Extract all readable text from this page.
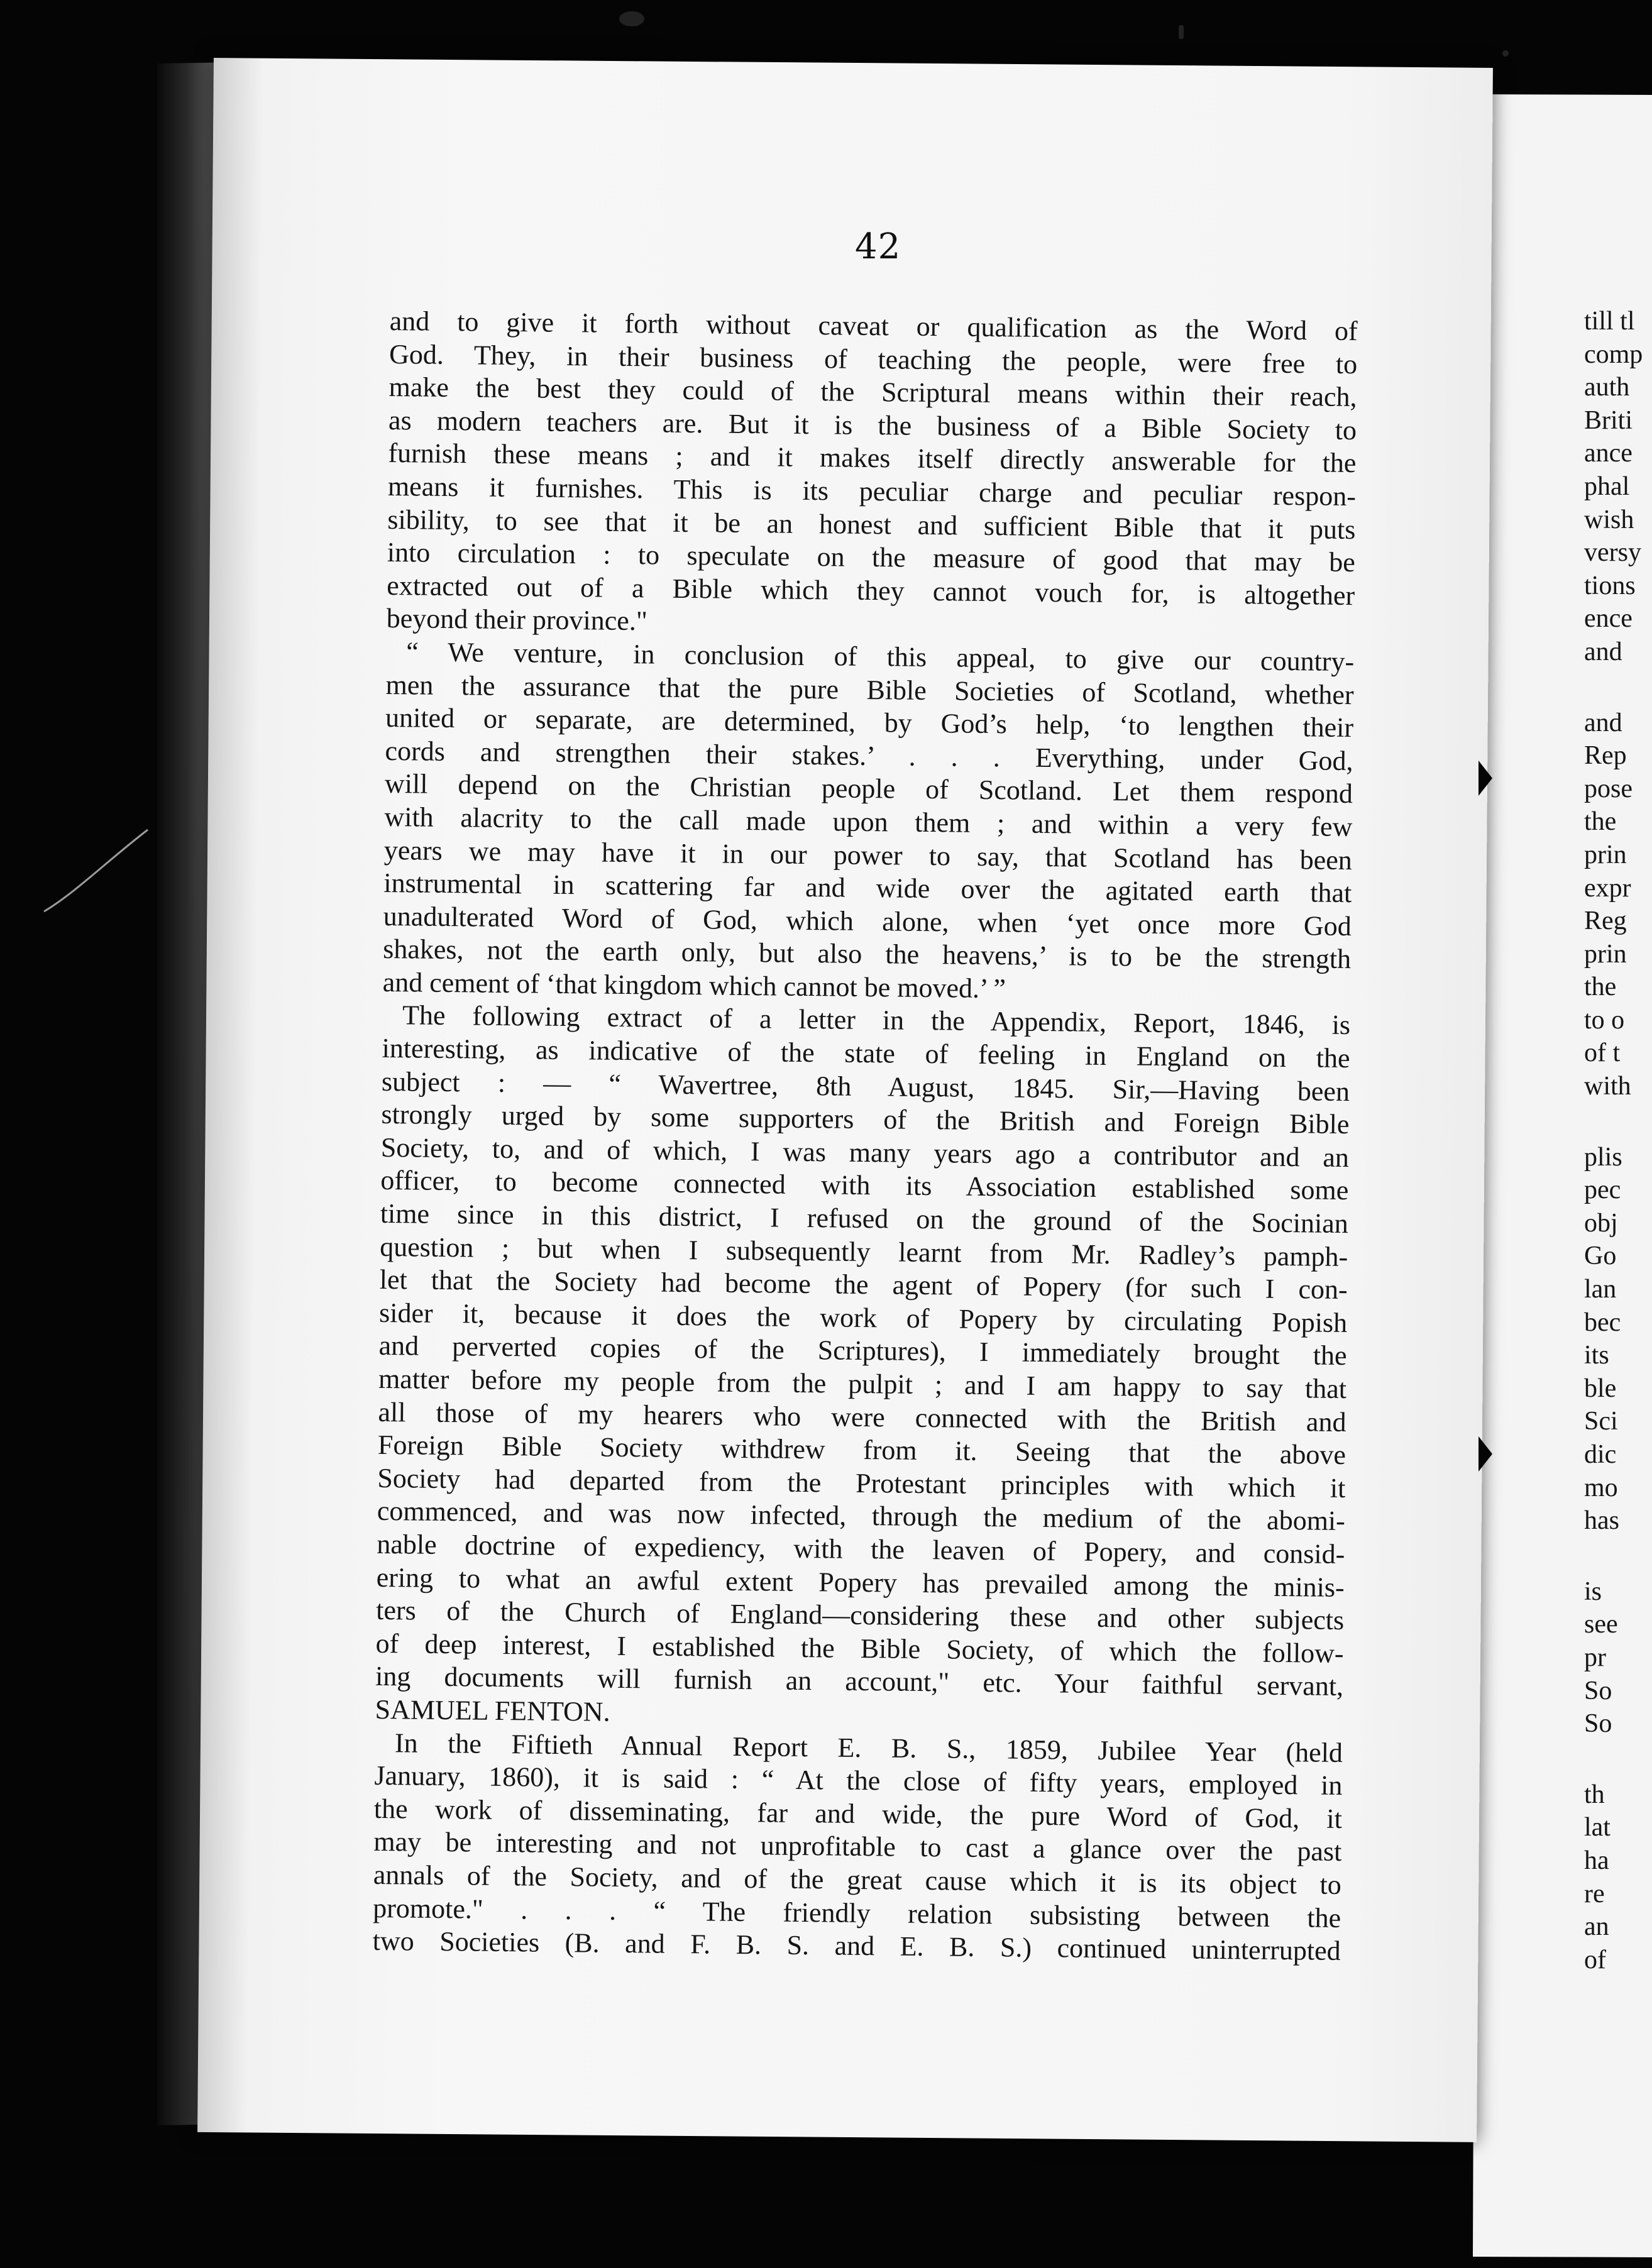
42
and to give it forth without caveat or qualification as the Word of
God. They, in their business of teaching the people, were free to
make the best they could of the Scriptural means within their reach,
as modern teachers are. But it is the business of a Bible Society to
furnish these means ; and it makes itself directly answerable for the
means it furnishes. This is its peculiar charge and peculiar respon-
sibility, to see that it be an honest and sufficient Bible that it puts
into circulation : to speculate on the measure of good that may be
extracted out of a Bible which they cannot vouch for, is altogether
beyond their province."
“ We venture, in conclusion of this appeal, to give our country-
men the assurance that the pure Bible Societies of Scotland, whether
united or separate, are determined, by God’s help, ‘to lengthen their
cords and strengthen their stakes.’ . . . Everything, under God,
will depend on the Christian people of Scotland. Let them respond
with alacrity to the call made upon them ; and within a very few
years we may have it in our power to say, that Scotland has been
instrumental in scattering far and wide over the agitated earth that
unadulterated Word of God, which alone, when ‘yet once more God
shakes, not the earth only, but also the heavens,’ is to be the strength
and cement of ‘that kingdom which cannot be moved.’ ”
The following extract of a letter in the Appendix, Report, 1846, is
interesting, as indicative of the state of feeling in England on the
subject : — “ Wavertree, 8th August, 1845. Sir,—Having been
strongly urged by some supporters of the British and Foreign Bible
Society, to, and of which, I was many years ago a contributor and an
officer, to become connected with its Association established some
time since in this district, I refused on the ground of the Socinian
question ; but when I subsequently learnt from Mr. Radley’s pamph-
let that the Society had become the agent of Popery (for such I con-
sider it, because it does the work of Popery by circulating Popish
and perverted copies of the Scriptures), I immediately brought the
matter before my people from the pulpit ; and I am happy to say that
all those of my hearers who were connected with the British and
Foreign Bible Society withdrew from it. Seeing that the above
Society had departed from the Protestant principles with which it
commenced, and was now infected, through the medium of the abomi-
nable doctrine of expediency, with the leaven of Popery, and consid-
ering to what an awful extent Popery has prevailed among the minis-
ters of the Church of England—considering these and other subjects
of deep interest, I established the Bible Society, of which the follow-
ing documents will furnish an account," etc. Your faithful servant,
SAMUEL FENTON.
In the Fiftieth Annual Report E. B. S., 1859, Jubilee Year (held
January, 1860), it is said : “ At the close of fifty years, employed in
the work of disseminating, far and wide, the pure Word of God, it
may be interesting and not unprofitable to cast a glance over the past
annals of the Society, and of the great cause which it is its object to
promote." . . . “ The friendly relation subsisting between the
two Societies (B. and F. B. S. and E. B. S.) continued uninterrupted
till tl
comp
auth
Briti
ance
phal
wish
versy
tions
ence
and
and
Rep
pose
the
prin
expr
Reg
prin
the
to o
of t
with
plis
pec
obj
Go
lan
bec
its
ble
Sci
dic
mo
has
is
see
pr
So
So
th
lat
ha
re
an
of
